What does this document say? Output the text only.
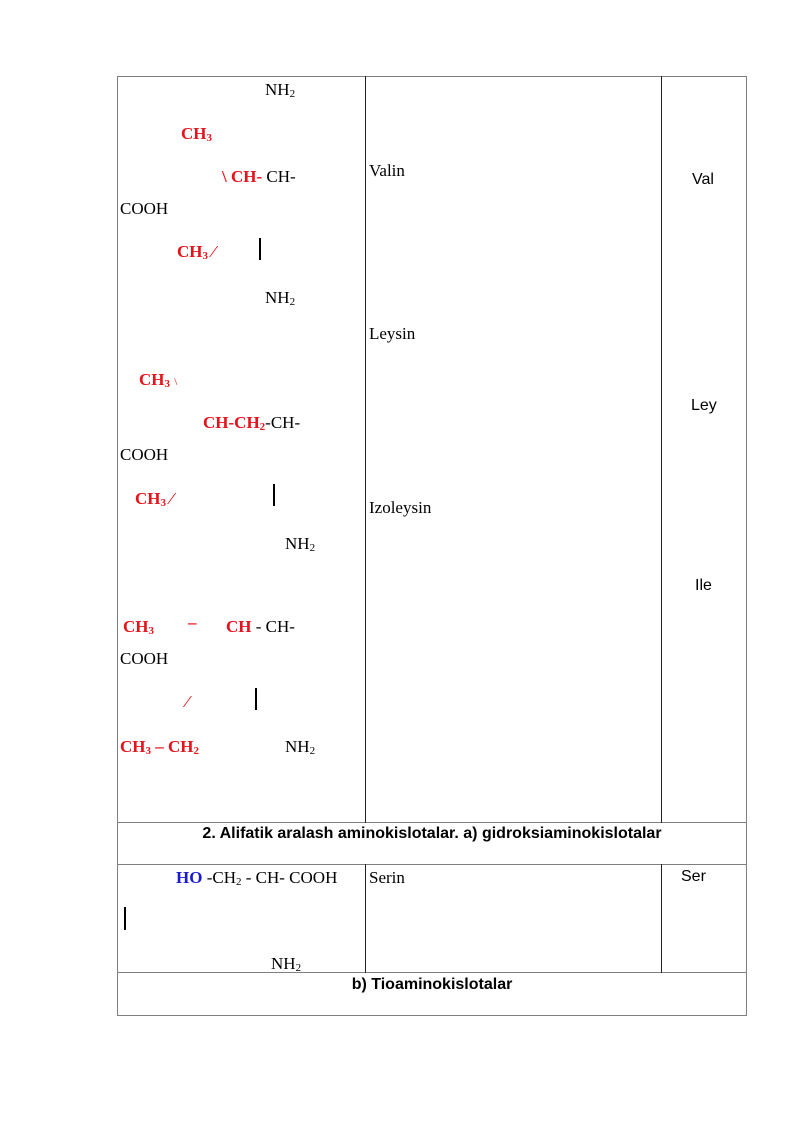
$NH_2$
$CH_3$
\ CH- CH-
COOH
$CH_3$ ⁄
$NH_2$
$CH_3$ \
$CH-CH_2-CH-$
COOH
$CH_3$ ⁄
$NH_2$
$CH_3$ – CH - CH-
COOH
⁄
$CH_3 - CH_2$	$NH_2$
Valin
Leysin
Izoleysin
Val
Ley
Ile
2. Alifatik aralash aminokislotalar. a) gidroksiaminokislotalar
HO $-CH_2 - CH-$ COOH
$NH_2$
Serin	Ser
b) Tioaminokislotalar
